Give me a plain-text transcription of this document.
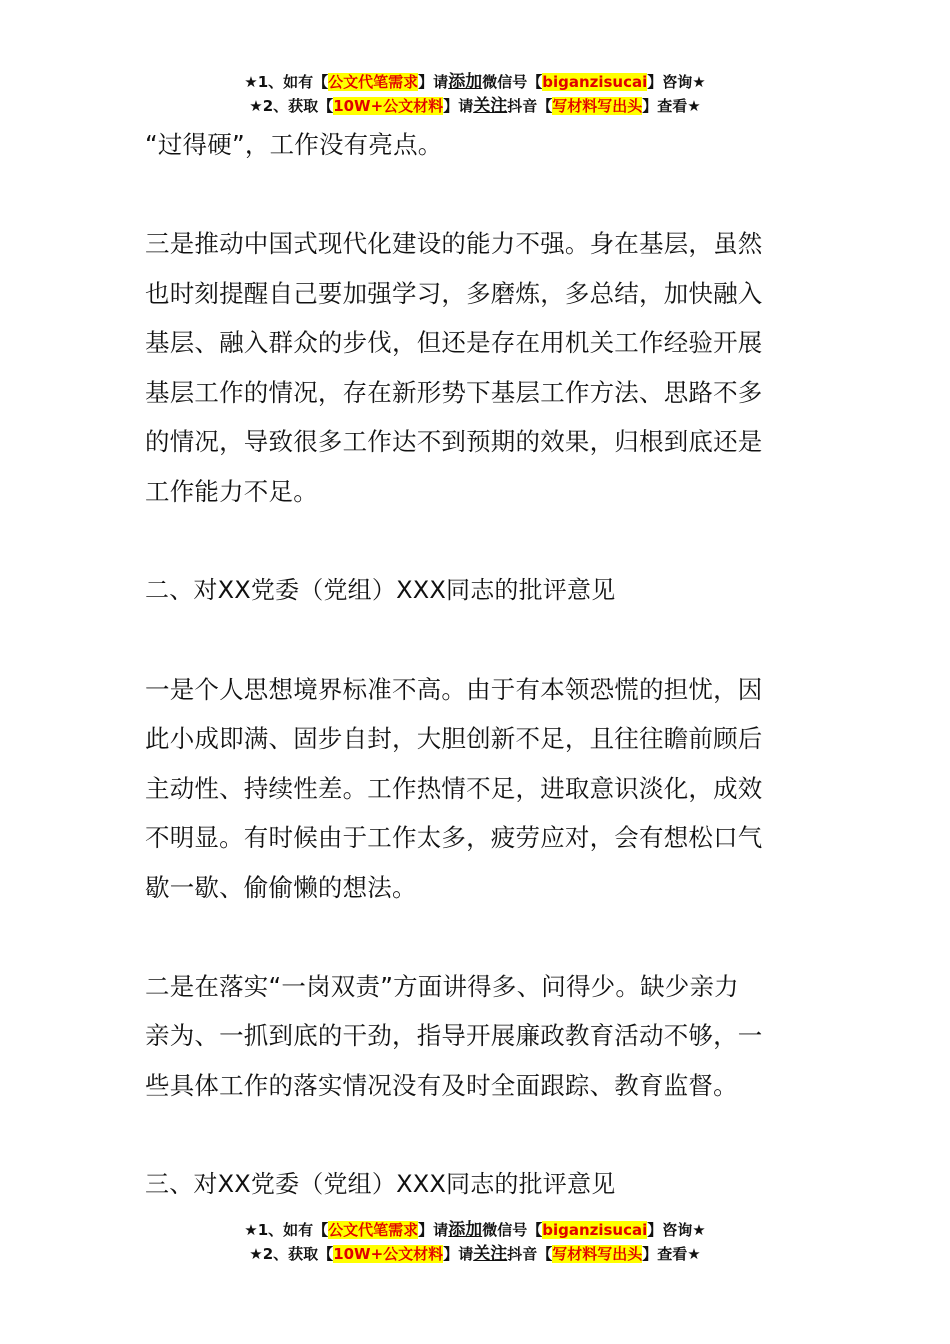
★1、如有【公文代笔需求】请添加微信号【biganzisucai】咨询★
★2、获取【10W+公文材料】请关注抖音【写材料写出头】查看★

“过得硬”，工作没有亮点。

三是推动中国式现代化建设的能力不强。身在基层，虽然

也时刻提醒自己要加强学习，多磨炼，多总结，加快融入

基层、融入群众的步伐，但还是存在用机关工作经验开展

基层工作的情况，存在新形势下基层工作方法、思路不多

的情况，导致很多工作达不到预期的效果，归根到底还是

工作能力不足。

二、对XX党委（党组）XXX同志的批评意见

一是个人思想境界标准不高。由于有本领恐慌的担忧，因

此小成即满、固步自封，大胆创新不足，且往往瞻前顾后

主动性、持续性差。工作热情不足，进取意识淡化，成效

不明显。有时候由于工作太多，疲劳应对，会有想松口气

歇一歇、偷偷懒的想法。

二是在落实“一岗双责”方面讲得多、问得少。缺少亲力

亲为、一抓到底的干劲，指导开展廉政教育活动不够，一

些具体工作的落实情况没有及时全面跟踪、教育监督。

三、对XX党委（党组）XXX同志的批评意见

★1、如有【公文代笔需求】请添加微信号【biganzisucai】咨询★
★2、获取【10W+公文材料】请关注抖音【写材料写出头】查看★
